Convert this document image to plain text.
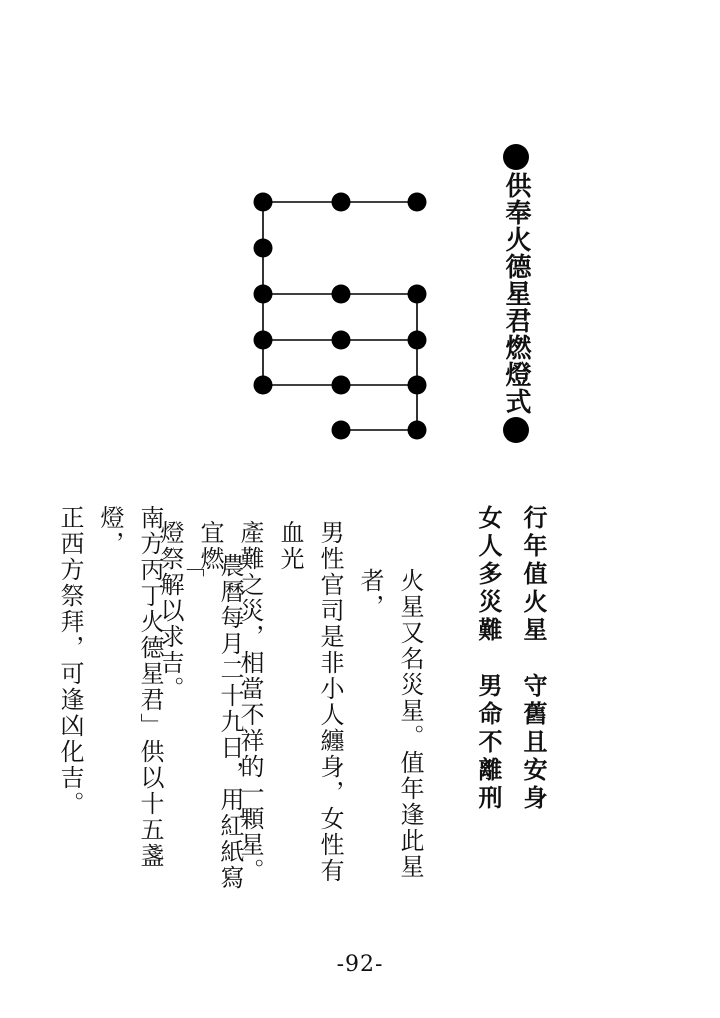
供奉火德星君燃燈式
行年值火星　守舊且安身
女人多災難　男命不離刑
火星又名災星。值年逢此星者，
男性官司是非小人纏身，女性有血光
產難之災，相當不祥的一顆星。宜燃
燈祭解以求吉。	農曆每月二十九日，用紅紙寫「
南方丙丁火德星君」供以十五盞燈，
正西方祭拜，可逢凶化吉。
-92-
